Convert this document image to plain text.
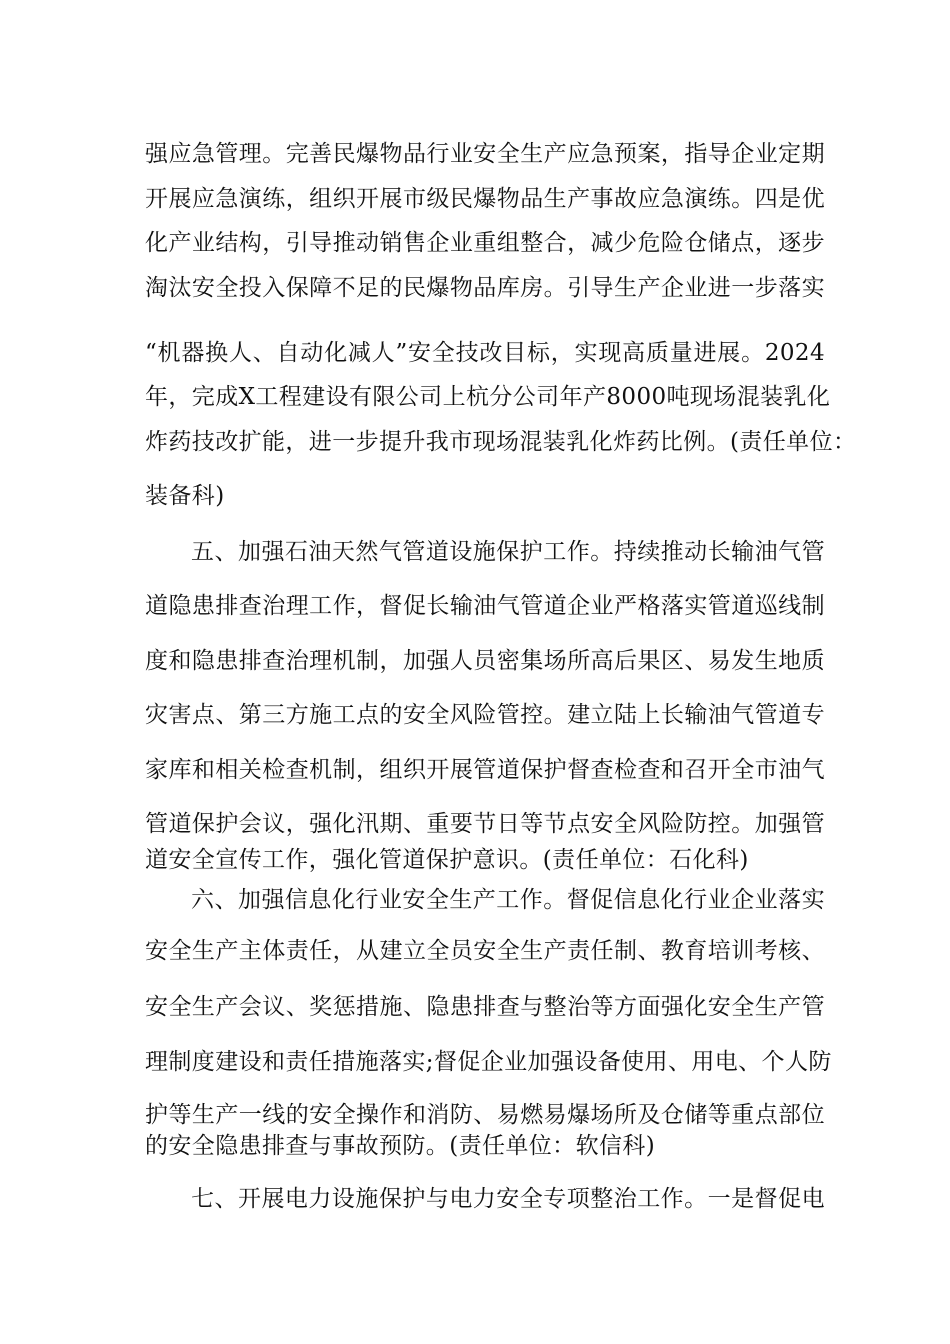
强应急管理。完善民爆物品行业安全生产应急预案，指导企业定期
开展应急演练，组织开展市级民爆物品生产事故应急演练。四是优
化产业结构，引导推动销售企业重组整合，减少危险仓储点，逐步
淘汰安全投入保障不足的民爆物品库房。引导生产企业进一步落实
“机器换人、自动化减人”安全技改目标，实现高质量进展。2024
年，完成X工程建设有限公司上杭分公司年产8000吨现场混装乳化
炸药技改扩能，进一步提升我市现场混装乳化炸药比例。(责任单位：
装备科)
五、加强石油天然气管道设施保护工作。持续推动长输油气管
道隐患排查治理工作，督促长输油气管道企业严格落实管道巡线制
度和隐患排查治理机制，加强人员密集场所高后果区、易发生地质
灾害点、第三方施工点的安全风险管控。建立陆上长输油气管道专
家库和相关检查机制，组织开展管道保护督查检查和召开全市油气
管道保护会议，强化汛期、重要节日等节点安全风险防控。加强管
道安全宣传工作，强化管道保护意识。(责任单位：石化科)
六、加强信息化行业安全生产工作。督促信息化行业企业落实
安全生产主体责任，从建立全员安全生产责任制、教育培训考核、
安全生产会议、奖惩措施、隐患排查与整治等方面强化安全生产管
理制度建设和责任措施落实;督促企业加强设备使用、用电、个人防
护等生产一线的安全操作和消防、易燃易爆场所及仓储等重点部位
的安全隐患排查与事故预防。(责任单位：软信科)
七、开展电力设施保护与电力安全专项整治工作。一是督促电
